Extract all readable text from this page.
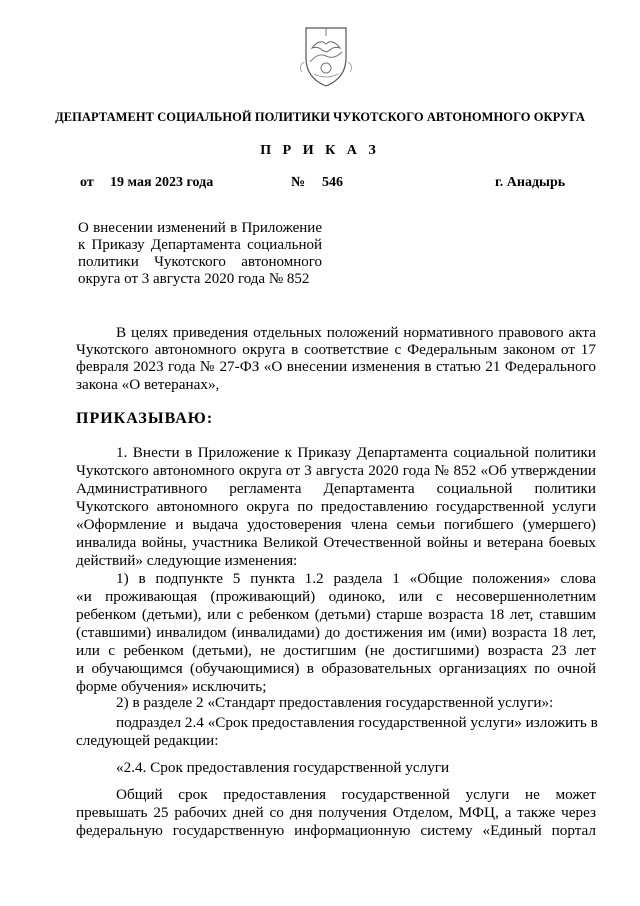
ДЕПАРТАМЕНТ СОЦИАЛЬНОЙ ПОЛИТИКИ ЧУКОТСКОГО АВТОНОМНОГО ОКРУГА
П Р И К А З
от 19 мая 2023 года	№ 546	г. Анадырь
О внесении изменений в Приложение
к Приказу Департамента социальной
политики Чукотского автономного
округа от 3 августа 2020 года № 852
В целях приведения отдельных положений нормативного правового акта
Чукотского автономного округа в соответствие с Федеральным законом от 17
февраля 2023 года № 27-ФЗ «О внесении изменения в статью 21 Федерального
закона «О ветеранах»,
ПРИКАЗЫВАЮ:
1. Внести в Приложение к Приказу Департамента социальной политики
Чукотского автономного округа от 3 августа 2020 года № 852 «Об утверждении
Административного регламента Департамента социальной политики
Чукотского автономного округа по предоставлению государственной услуги
«Оформление и выдача удостоверения члена семьи погибшего (умершего)
инвалида войны, участника Великой Отечественной войны и ветерана боевых
действий» следующие изменения:
1) в подпункте 5 пункта 1.2 раздела 1 «Общие положения» слова
«и проживающая (проживающий) одиноко, или с несовершеннолетним
ребенком (детьми), или с ребенком (детьми) старше возраста 18 лет, ставшим
(ставшими) инвалидом (инвалидами) до достижения им (ими) возраста 18 лет,
или с ребенком (детьми), не достигшим (не достигшими) возраста 23 лет
и обучающимся (обучающимися) в образовательных организациях по очной
форме обучения» исключить;
2) в разделе 2 «Стандарт предоставления государственной услуги»:
подраздел 2.4 «Срок предоставления государственной услуги» изложить в
следующей редакции:
«2.4. Срок предоставления государственной услуги
Общий срок предоставления государственной услуги не может
превышать 25 рабочих дней со дня получения Отделом, МФЦ, а также через
федеральную государственную информационную систему «Единый портал
